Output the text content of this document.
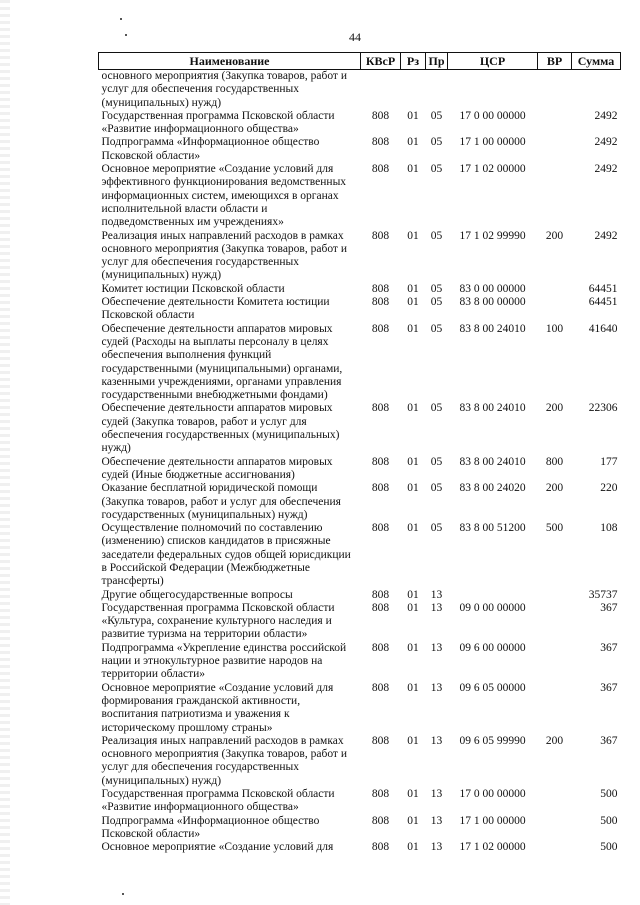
44
Наименование	КВсР	Рз	Пр	ЦСР	ВР	Сумма
основного мероприятия (Закупка товаров, работ и услуг для обеспечения государственных (муниципальных) нужд)						
Государственная программа Псковской области «Развитие информационного общества»	808	01	05	17 0 00 00000		2492
Подпрограмма «Информационное общество Псковской области»	808	01	05	17 1 00 00000		2492
Основное мероприятие «Создание условий для эффективного функционирования ведомственных информационных систем, имеющихся в органах исполнительной власти области и подведомственных им учреждениях»	808	01	05	17 1 02 00000		2492
Реализация иных направлений расходов в рамках основного мероприятия (Закупка товаров, работ и услуг для обеспечения государственных (муниципальных) нужд)	808	01	05	17 1 02 99990	200	2492
Комитет юстиции Псковской области	808	01	05	83 0 00 00000		64451
Обеспечение деятельности Комитета юстиции Псковской области	808	01	05	83 8 00 00000		64451
Обеспечение деятельности аппаратов мировых судей (Расходы на выплаты персоналу в целях обеспечения выполнения функций государственными (муниципальными) органами, казенными учреждениями, органами управления государственными внебюджетными фондами)	808	01	05	83 8 00 24010	100	41640
Обеспечение деятельности аппаратов мировых судей (Закупка товаров, работ и услуг для обеспечения государственных (муниципальных) нужд)	808	01	05	83 8 00 24010	200	22306
Обеспечение деятельности аппаратов мировых судей (Иные бюджетные ассигнования)	808	01	05	83 8 00 24010	800	177
Оказание бесплатной юридической помощи (Закупка товаров, работ и услуг для обеспечения государственных (муниципальных) нужд)	808	01	05	83 8 00 24020	200	220
Осуществление полномочий по составлению (изменению) списков кандидатов в присяжные заседатели федеральных судов общей юрисдикции в Российской Федерации (Межбюджетные трансферты)	808	01	05	83 8 00 51200	500	108
Другие общегосударственные вопросы	808	01	13			35737
Государственная программа Псковской области «Культура, сохранение культурного наследия и развитие туризма на территории области»	808	01	13	09 0 00 00000		367
Подпрограмма «Укрепление единства российской нации и этнокультурное развитие народов на территории области»	808	01	13	09 6 00 00000		367
Основное мероприятие «Создание условий для формирования гражданской активности, воспитания патриотизма и уважения к историческому прошлому страны»	808	01	13	09 6 05 00000		367
Реализация иных направлений расходов в рамках основного мероприятия (Закупка товаров, работ и услуг для обеспечения государственных (муниципальных) нужд)	808	01	13	09 6 05 99990	200	367
Государственная программа Псковской области «Развитие информационного общества»	808	01	13	17 0 00 00000		500
Подпрограмма «Информационное общество Псковской области»	808	01	13	17 1 00 00000		500
Основное мероприятие «Создание условий для	808	01	13	17 1 02 00000		500
